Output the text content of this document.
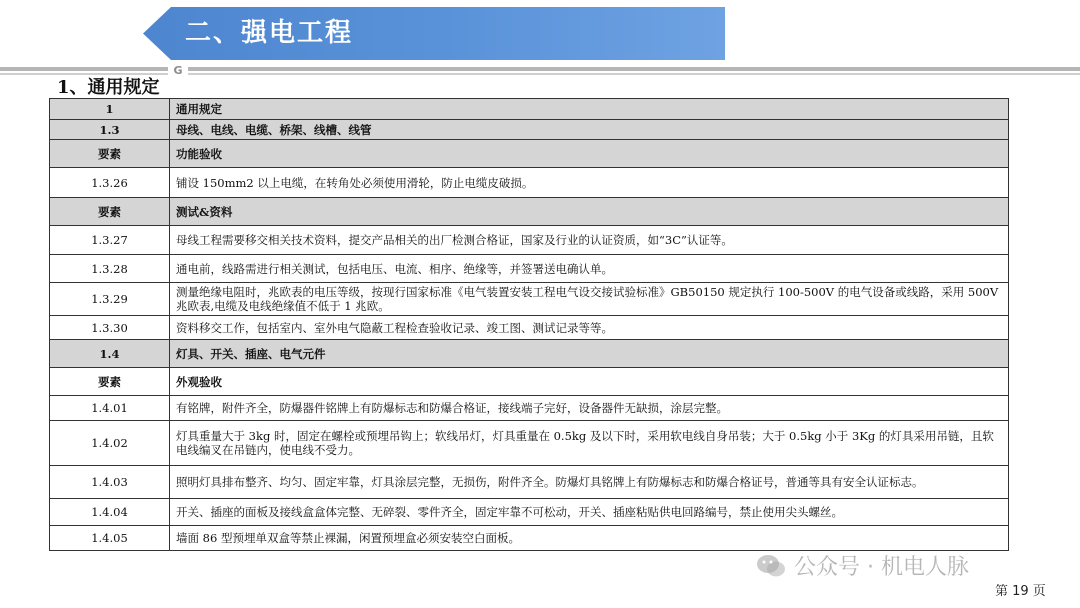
二、强电工程
G
1、通用规定
1	通用规定
1.3	母线、电线、电缆、桥架、线槽、线管
要素	功能验收
1.3.26	铺设 150mm2 以上电缆，在转角处必须使用滑轮，防止电缆皮破损。
要素	测试&资料
1.3.27	母线工程需要移交相关技术资料，提交产品相关的出厂检测合格证，国家及行业的认证资质，如“3C”认证等。
1.3.28	通电前，线路需进行相关测试，包括电压、电流、相序、绝缘等，并签署送电确认单。
1.3.29	测量绝缘电阻时，兆欧表的电压等级，按现行国家标准《电气装置安装工程电气设交接试验标准》GB50150 规定执行 100-500V 的电气设备或线路，采用 500V 兆欧表,电缆及电线绝缘值不低于 1 兆欧。
1.3.30	资料移交工作，包括室内、室外电气隐蔽工程检查验收记录、竣工图、测试记录等等。
1.4	灯具、开关、插座、电气元件
要素	外观验收
1.4.01	有铭牌，附件齐全，防爆器件铭牌上有防爆标志和防爆合格证，接线端子完好，设备器件无缺损，涂层完整。
1.4.02	灯具重量大于 3kg 时，固定在螺栓或预埋吊钩上；软线吊灯，灯具重量在 0.5kg 及以下时，采用软电线自身吊装；大于 0.5kg 小于 3Kg 的灯具采用吊链，且软电线编叉在吊链内，使电线不受力。
1.4.03	照明灯具排布整齐、均匀、固定牢靠，灯具涂层完整，无损伤，附件齐全。防爆灯具铭牌上有防爆标志和防爆合格证号，普通等具有安全认证标志。
1.4.04	开关、插座的面板及接线盒盒体完整、无碎裂、零件齐全，固定牢靠不可松动，开关、插座粘贴供电回路编号，禁止使用尖头螺丝。
1.4.05	墙面 86 型预埋单双盒等禁止裸漏，闲置预埋盒必须安装空白面板。
公众号 · 机电人脉
第 19 页
